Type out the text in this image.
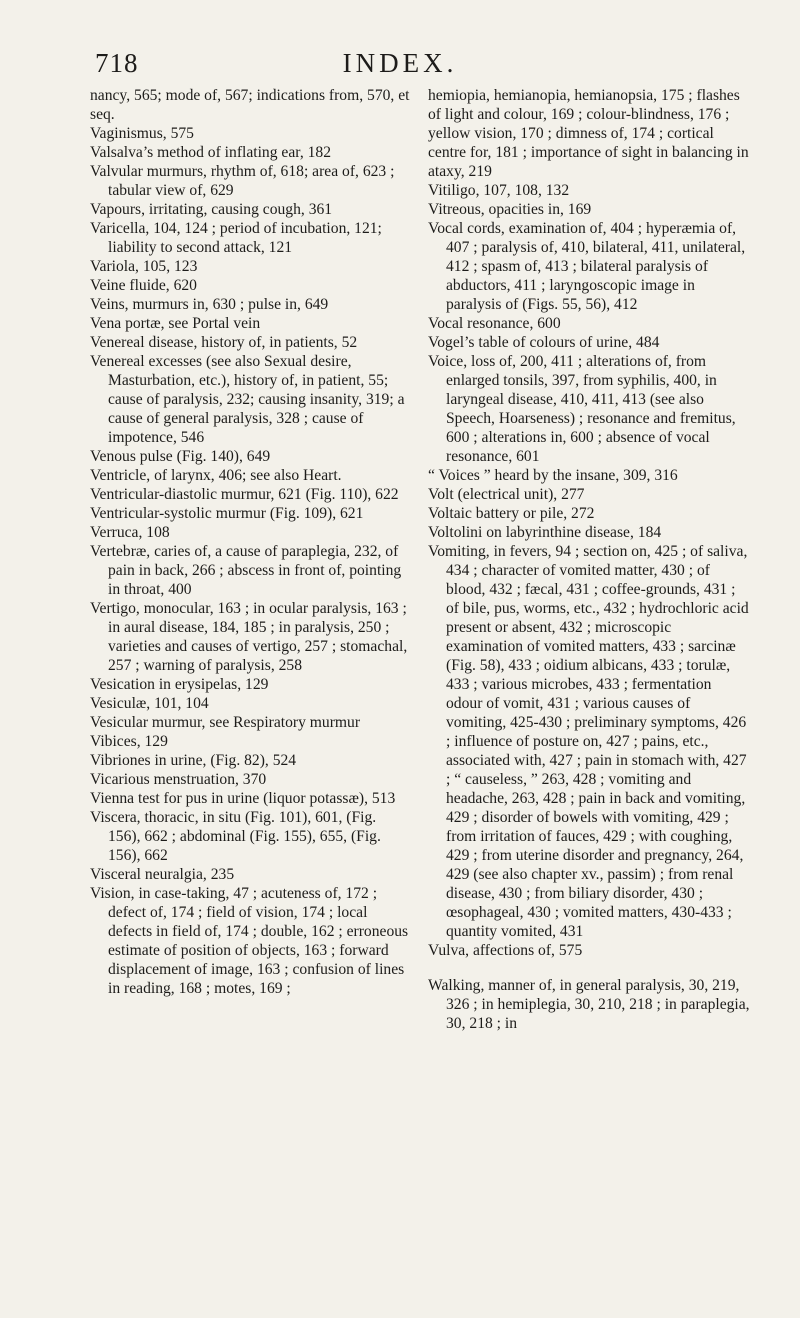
718	INDEX.

nancy, 565; mode of, 567; indications from, 570, et seq.

Vaginismus, 575

Valsalva’s method of inflating ear, 182

Valvular murmurs, rhythm of, 618; area of, 623 ; tabular view of, 629

Vapours, irritating, causing cough, 361

Varicella, 104, 124 ; period of incubation, 121; liability to second attack, 121

Variola, 105, 123

Veine fluide, 620

Veins, murmurs in, 630 ; pulse in, 649

Vena portæ, see Portal vein

Venereal disease, history of, in patients, 52

Venereal excesses (see also Sexual desire, Masturbation, etc.), history of, in patient, 55; cause of paralysis, 232; causing insanity, 319; a cause of general paralysis, 328 ; cause of impotence, 546

Venous pulse (Fig. 140), 649

Ventricle, of larynx, 406; see also Heart.

Ventricular-diastolic murmur, 621 (Fig. 110), 622

Ventricular-systolic murmur (Fig. 109), 621

Verruca, 108

Vertebræ, caries of, a cause of paraplegia, 232, of pain in back, 266 ; abscess in front of, pointing in throat, 400

Vertigo, monocular, 163 ; in ocular paralysis, 163 ; in aural disease, 184, 185 ; in paralysis, 250 ; varieties and causes of vertigo, 257 ; stomachal, 257 ; warning of paralysis, 258

Vesication in erysipelas, 129

Vesiculæ, 101, 104

Vesicular murmur, see Respiratory murmur

Vibices, 129

Vibriones in urine, (Fig. 82), 524

Vicarious menstruation, 370

Vienna test for pus in urine (liquor potassæ), 513

Viscera, thoracic, in situ (Fig. 101), 601, (Fig. 156), 662 ; abdominal (Fig. 155), 655, (Fig. 156), 662

Visceral neuralgia, 235

Vision, in case-taking, 47 ; acuteness of, 172 ; defect of, 174 ; field of vision, 174 ; local defects in field of, 174 ; double, 162 ; erroneous estimate of position of objects, 163 ; forward displacement of image, 163 ; confusion of lines in reading, 168 ; motes, 169 ;

hemiopia, hemianopia, hemianopsia, 175 ; flashes of light and colour, 169 ; colour-blindness, 176 ; yellow vision, 170 ; dimness of, 174 ; cortical centre for, 181 ; importance of sight in balancing in ataxy, 219

Vitiligo, 107, 108, 132

Vitreous, opacities in, 169

Vocal cords, examination of, 404 ; hyperæmia of, 407 ; paralysis of, 410, bilateral, 411, unilateral, 412 ; spasm of, 413 ; bilateral paralysis of abductors, 411 ; laryngoscopic image in paralysis of (Figs. 55, 56), 412

Vocal resonance, 600

Vogel’s table of colours of urine, 484

Voice, loss of, 200, 411 ; alterations of, from enlarged tonsils, 397, from syphilis, 400, in laryngeal disease, 410, 411, 413 (see also Speech, Hoarseness) ; resonance and fremitus, 600 ; alterations in, 600 ; absence of vocal resonance, 601

“ Voices ” heard by the insane, 309, 316

Volt (electrical unit), 277

Voltaic battery or pile, 272

Voltolini on labyrinthine disease, 184

Vomiting, in fevers, 94 ; section on, 425 ; of saliva, 434 ; character of vomited matter, 430 ; of blood, 432 ; fæcal, 431 ; coffee-grounds, 431 ; of bile, pus, worms, etc., 432 ; hydrochloric acid present or absent, 432 ; microscopic examination of vomited matters, 433 ; sarcinæ (Fig. 58), 433 ; oidium albicans, 433 ; torulæ, 433 ; various microbes, 433 ; fermentation odour of vomit, 431 ; various causes of vomiting, 425-430 ; preliminary symptoms, 426 ; influence of posture on, 427 ; pains, etc., associated with, 427 ; pain in stomach with, 427 ; “ causeless, ” 263, 428 ; vomiting and headache, 263, 428 ; pain in back and vomiting, 429 ; disorder of bowels with vomiting, 429 ; from irritation of fauces, 429 ; with coughing, 429 ; from uterine disorder and pregnancy, 264, 429 (see also chapter xv., passim) ; from renal disease, 430 ; from biliary disorder, 430 ; œsophageal, 430 ; vomited matters, 430-433 ; quantity vomited, 431

Vulva, affections of, 575

Walking, manner of, in general paralysis, 30, 219, 326 ; in hemiplegia, 30, 210, 218 ; in paraplegia, 30, 218 ; in
